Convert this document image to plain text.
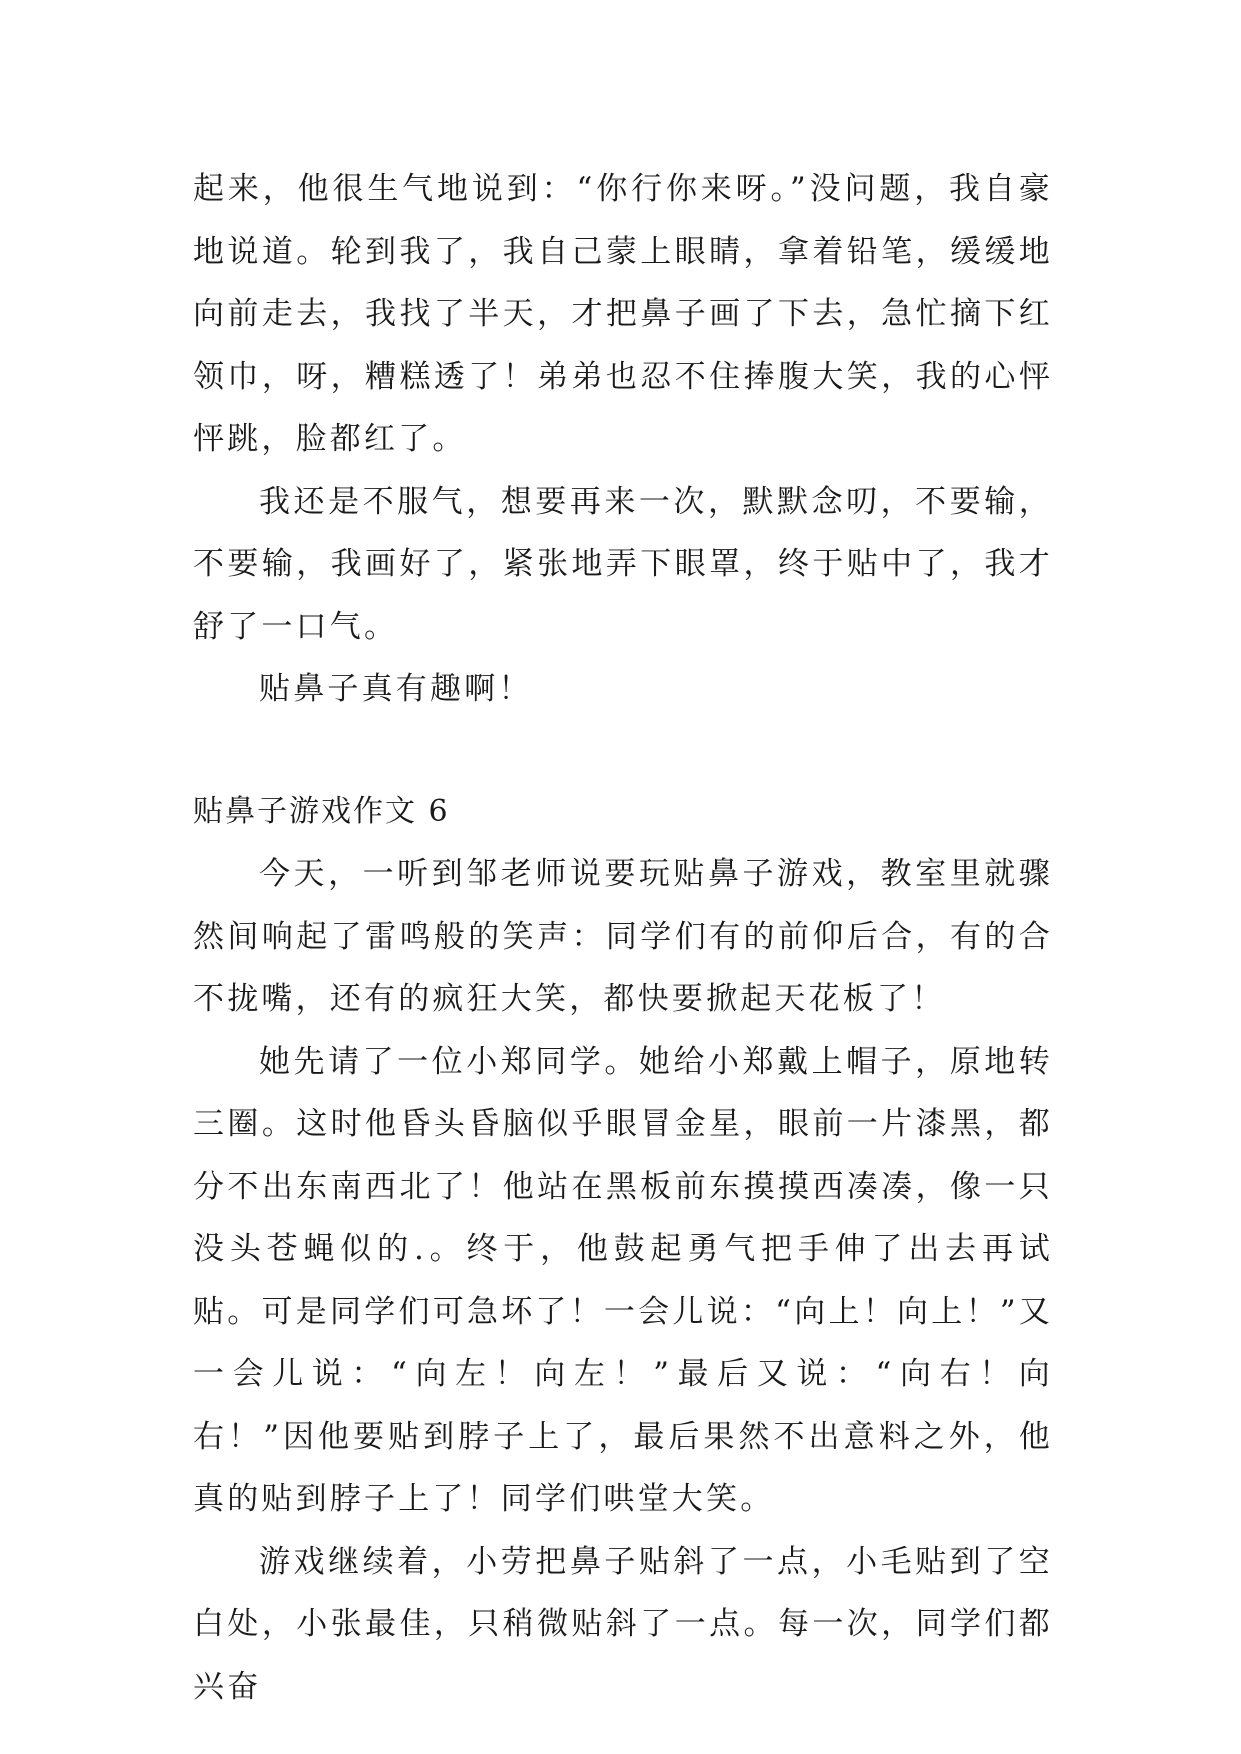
起来，他很生气地说到：“你行你来呀。”没问题，我自豪地说道。轮到我了，我自己蒙上眼睛，拿着铅笔，缓缓地向前走去，我找了半天，才把鼻子画了下去，急忙摘下红领巾，呀，糟糕透了！弟弟也忍不住捧腹大笑，我的心怦怦跳，脸都红了。

我还是不服气，想要再来一次，默默念叨，不要输，不要输，我画好了，紧张地弄下眼罩，终于贴中了，我才舒了一口气。

贴鼻子真有趣啊！

贴鼻子游戏作文 6

今天，一听到邹老师说要玩贴鼻子游戏，教室里就骤然间响起了雷鸣般的笑声：同学们有的前仰后合，有的合不拢嘴，还有的疯狂大笑，都快要掀起天花板了！

她先请了一位小郑同学。她给小郑戴上帽子，原地转三圈。这时他昏头昏脑似乎眼冒金星，眼前一片漆黑，都分不出东南西北了！他站在黑板前东摸摸西凑凑，像一只没头苍蝇似的.。终于，他鼓起勇气把手伸了出去再试贴。可是同学们可急坏了！一会儿说：“向上！向上！”又一会儿说：“向左！向左！”最后又说：“向右！向右！”因他要贴到脖子上了，最后果然不出意料之外，他真的贴到脖子上了！同学们哄堂大笑。

游戏继续着，小劳把鼻子贴斜了一点，小毛贴到了空白处，小张最佳，只稍微贴斜了一点。每一次，同学们都兴奋
